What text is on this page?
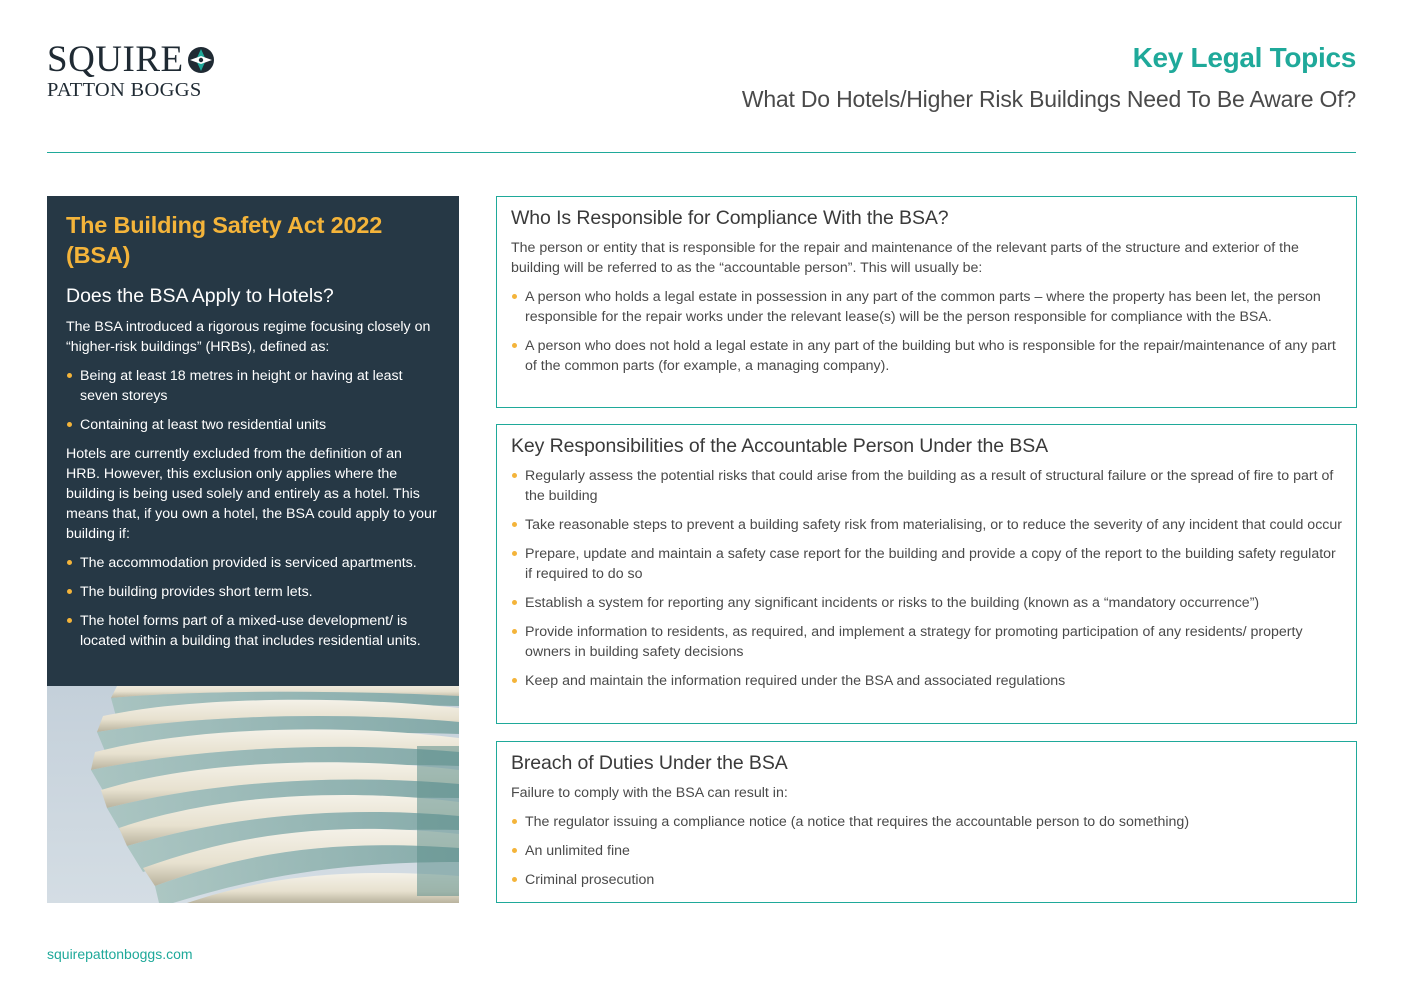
SQUIRE
PATTON BOGGS
Key Legal Topics
What Do Hotels/Higher Risk Buildings Need To Be Aware Of?
The Building Safety Act 2022 (BSA)
Does the BSA Apply to Hotels?

The BSA introduced a rigorous regime focusing closely on “higher-risk buildings” (HRBs), defined as:

Being at least 18 metres in height or having at least seven storeys
Containing at least two residential units

Hotels are currently excluded from the definition of an HRB. However, this exclusion only applies where the building is being used solely and entirely as a hotel. This means that, if you own a hotel, the BSA could apply to your building if:

The accommodation provided is serviced apartments.
The building provides short term lets.
The hotel forms part of a mixed-use development/ is located within a building that includes residential units.
Who Is Responsible for Compliance With the BSA?

The person or entity that is responsible for the repair and maintenance of the relevant parts of the structure and exterior of the building will be referred to as the “accountable person”. This will usually be:

A person who holds a legal estate in possession in any part of the common parts – where the property has been let, the person responsible for the repair works under the relevant lease(s) will be the person responsible for compliance with the BSA.
A person who does not hold a legal estate in any part of the building but who is responsible for the repair/maintenance of any part of the common parts (for example, a managing company).
Key Responsibilities of the Accountable Person Under the BSA
Regularly assess the potential risks that could arise from the building as a result of structural failure or the spread of fire to part of the building
Take reasonable steps to prevent a building safety risk from materialising, or to reduce the severity of any incident that could occur
Prepare, update and maintain a safety case report for the building and provide a copy of the report to the building safety regulator if required to do so
Establish a system for reporting any significant incidents or risks to the building (known as a “mandatory occurrence”)
Provide information to residents, as required, and implement a strategy for promoting participation of any residents/ property owners in building safety decisions
Keep and maintain the information required under the BSA and associated regulations
Breach of Duties Under the BSA

Failure to comply with the BSA can result in:

The regulator issuing a compliance notice (a notice that requires the accountable person to do something)
An unlimited fine
Criminal prosecution
squirepattonboggs.com
